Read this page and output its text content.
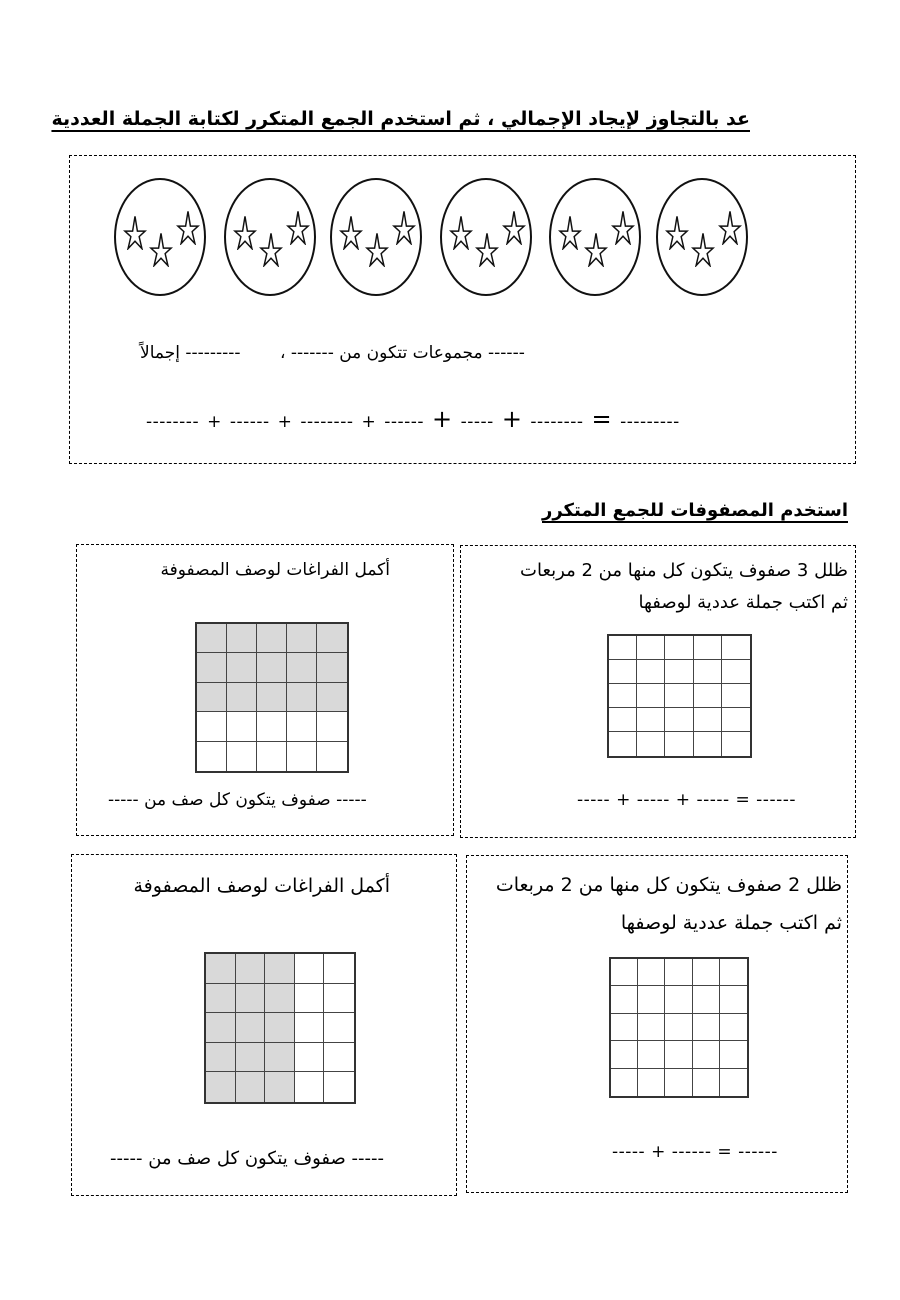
عد بالتجاوز لإيجاد الإجمالي ، ثم استخدم الجمع المتكرر لكتابة الجملة العددية
--------- إجمالاً ------ مجموعات تتكون من ------- ،
-------- + ------ + -------- + ------ + ----- + -------- = ---------
استخدم المصفوفات للجمع المتكرر
ظلل 3 صفوف يتكون كل منها من 2 مربعات
ثم اكتب جملة عددية لوصفها
----- + ----- + ----- = ------
أكمل الفراغات لوصف المصفوفة
----- صفوف يتكون كل صف من -----
ظلل 2 صفوف يتكون كل منها من 2 مربعات
ثم اكتب جملة عددية لوصفها
----- + ------ = ------
أكمل الفراغات لوصف المصفوفة
----- صفوف يتكون كل صف من -----
